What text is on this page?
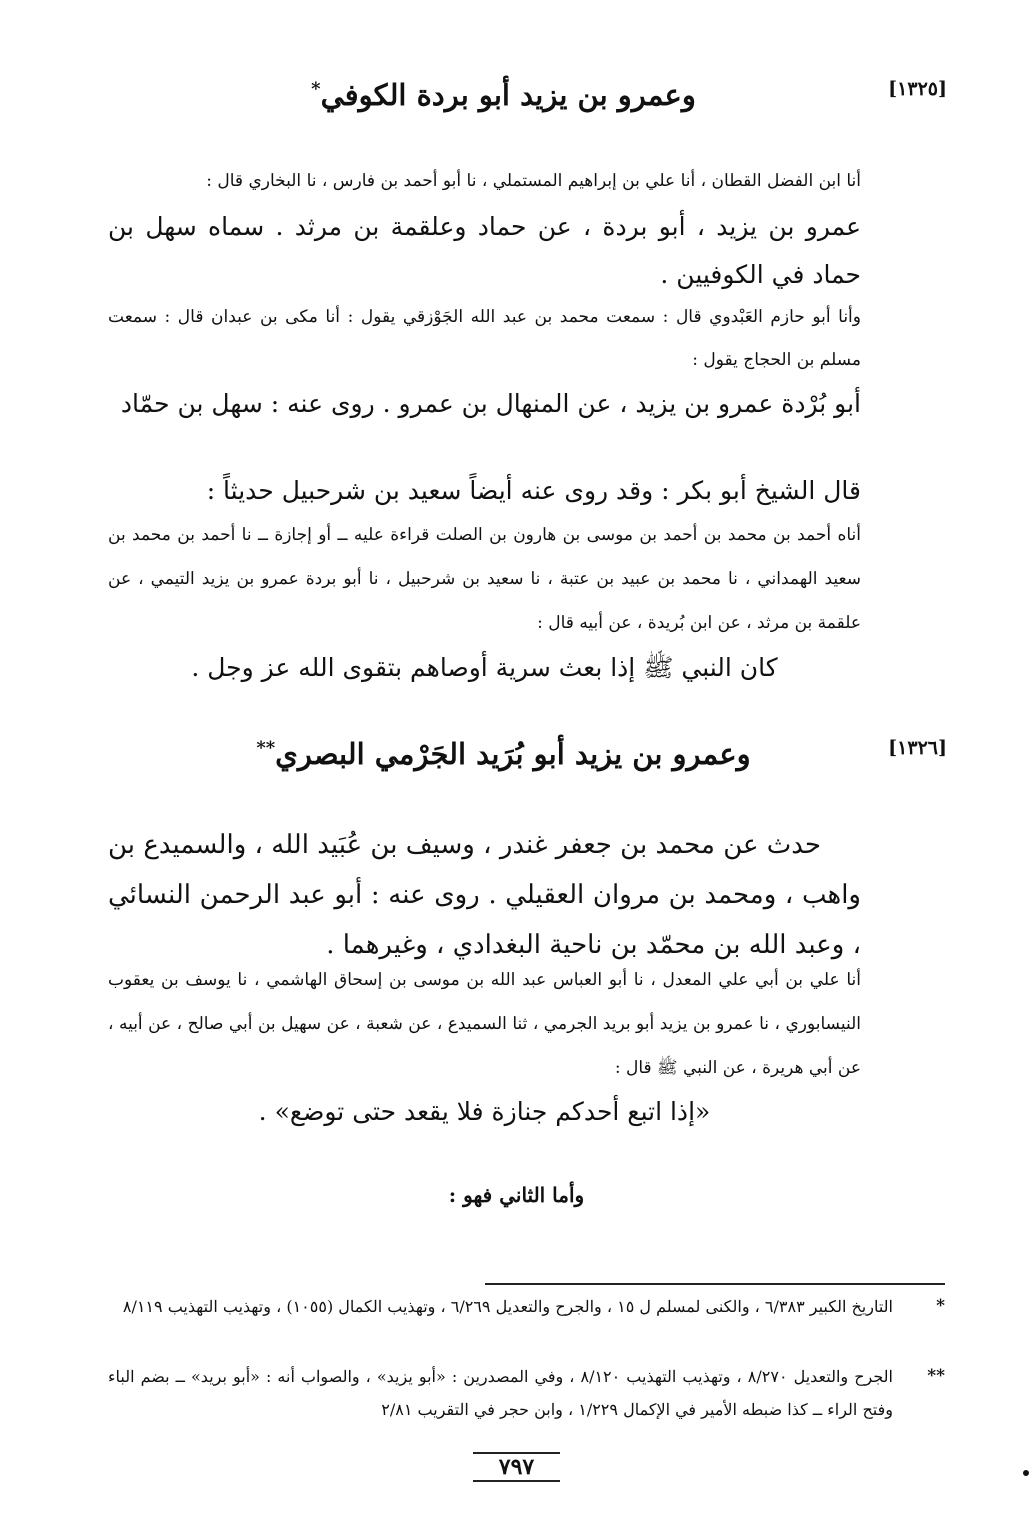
[١٣٢٥]
وعمرو بن يزيد أبو بردة الكوفي*
أنا ابن الفضل القطان ، أنا علي بن إبراهيم المستملي ، نا أبو أحمد بن فارس ، نا البخاري قال :
عمرو بن يزيد ، أبو بردة ، عن حماد وعلقمة بن مرثد . سماه سهل بن حماد في الكوفيين .
وأنا أبو حازم العَبْدوي قال : سمعت محمد بن عبد الله الجَوْزقي يقول : أنا مكى بن عبدان قال : سمعت مسلم بن الحجاج يقول :
أبو بُرْدة عمرو بن يزيد ، عن المنهال بن عمرو . روى عنه : سهل بن حمّاد
قال الشيخ أبو بكر : وقد روى عنه أيضاً سعيد بن شرحبيل حديثاً :
أناه أحمد بن محمد بن أحمد بن موسى بن هارون بن الصلت قراءة عليه ــ أو إجازة ــ نا أحمد بن محمد بن سعيد الهمداني ، نا محمد بن عبيد بن عتبة ، نا سعيد بن شرحبيل ، نا أبو بردة عمرو بن يزيد التيمي ، عن علقمة بن مرثد ، عن ابن بُريدة ، عن أبيه قال :
كان النبي ﷺ إذا بعث سرية أوصاهم بتقوى الله عز وجل .
[١٣٢٦]
وعمرو بن يزيد أبو بُرَيد الجَرْمي البصري**
حدث عن محمد بن جعفر غندر ، وسيف بن عُبَيد الله ، والسميدع بن واهب ، ومحمد بن مروان العقيلي . روى عنه : أبو عبد الرحمن النسائي ، وعبد الله بن محمّد بن ناحية البغدادي ، وغيرهما .
أنا علي بن أبي علي المعدل ، نا أبو العباس عبد الله بن موسى بن إسحاق الهاشمي ، نا يوسف بن يعقوب النيسابوري ، نا عمرو بن يزيد أبو بريد الجرمي ، ثنا السميدع ، عن شعبة ، عن سهيل بن أبي صالح ، عن أبيه ، عن أبي هريرة ، عن النبي ﷺ قال :
«إذا اتبع أحدكم جنازة فلا يقعد حتى توضع» .
وأما الثاني فهو :
*
التاريخ الكبير ٦/٣٨٣ ، والكنى لمسلم ل ١٥ ، والجرح والتعديل ٦/٢٦٩ ، وتهذيب الكمال (١٠٥٥) ، وتهذيب التهذيب ٨/١١٩
**
الجرح والتعديل ٨/٢٧٠ ، وتهذيب التهذيب ٨/١٢٠ ، وفي المصدرين : «أبو يزيد» ، والصواب أنه : «أبو بريد» ــ بضم الباء وفتح الراء ــ كذا ضبطه الأمير في الإكمال ١/٢٢٩ ، وابن حجر في التقريب ٢/٨١
٧٩٧
